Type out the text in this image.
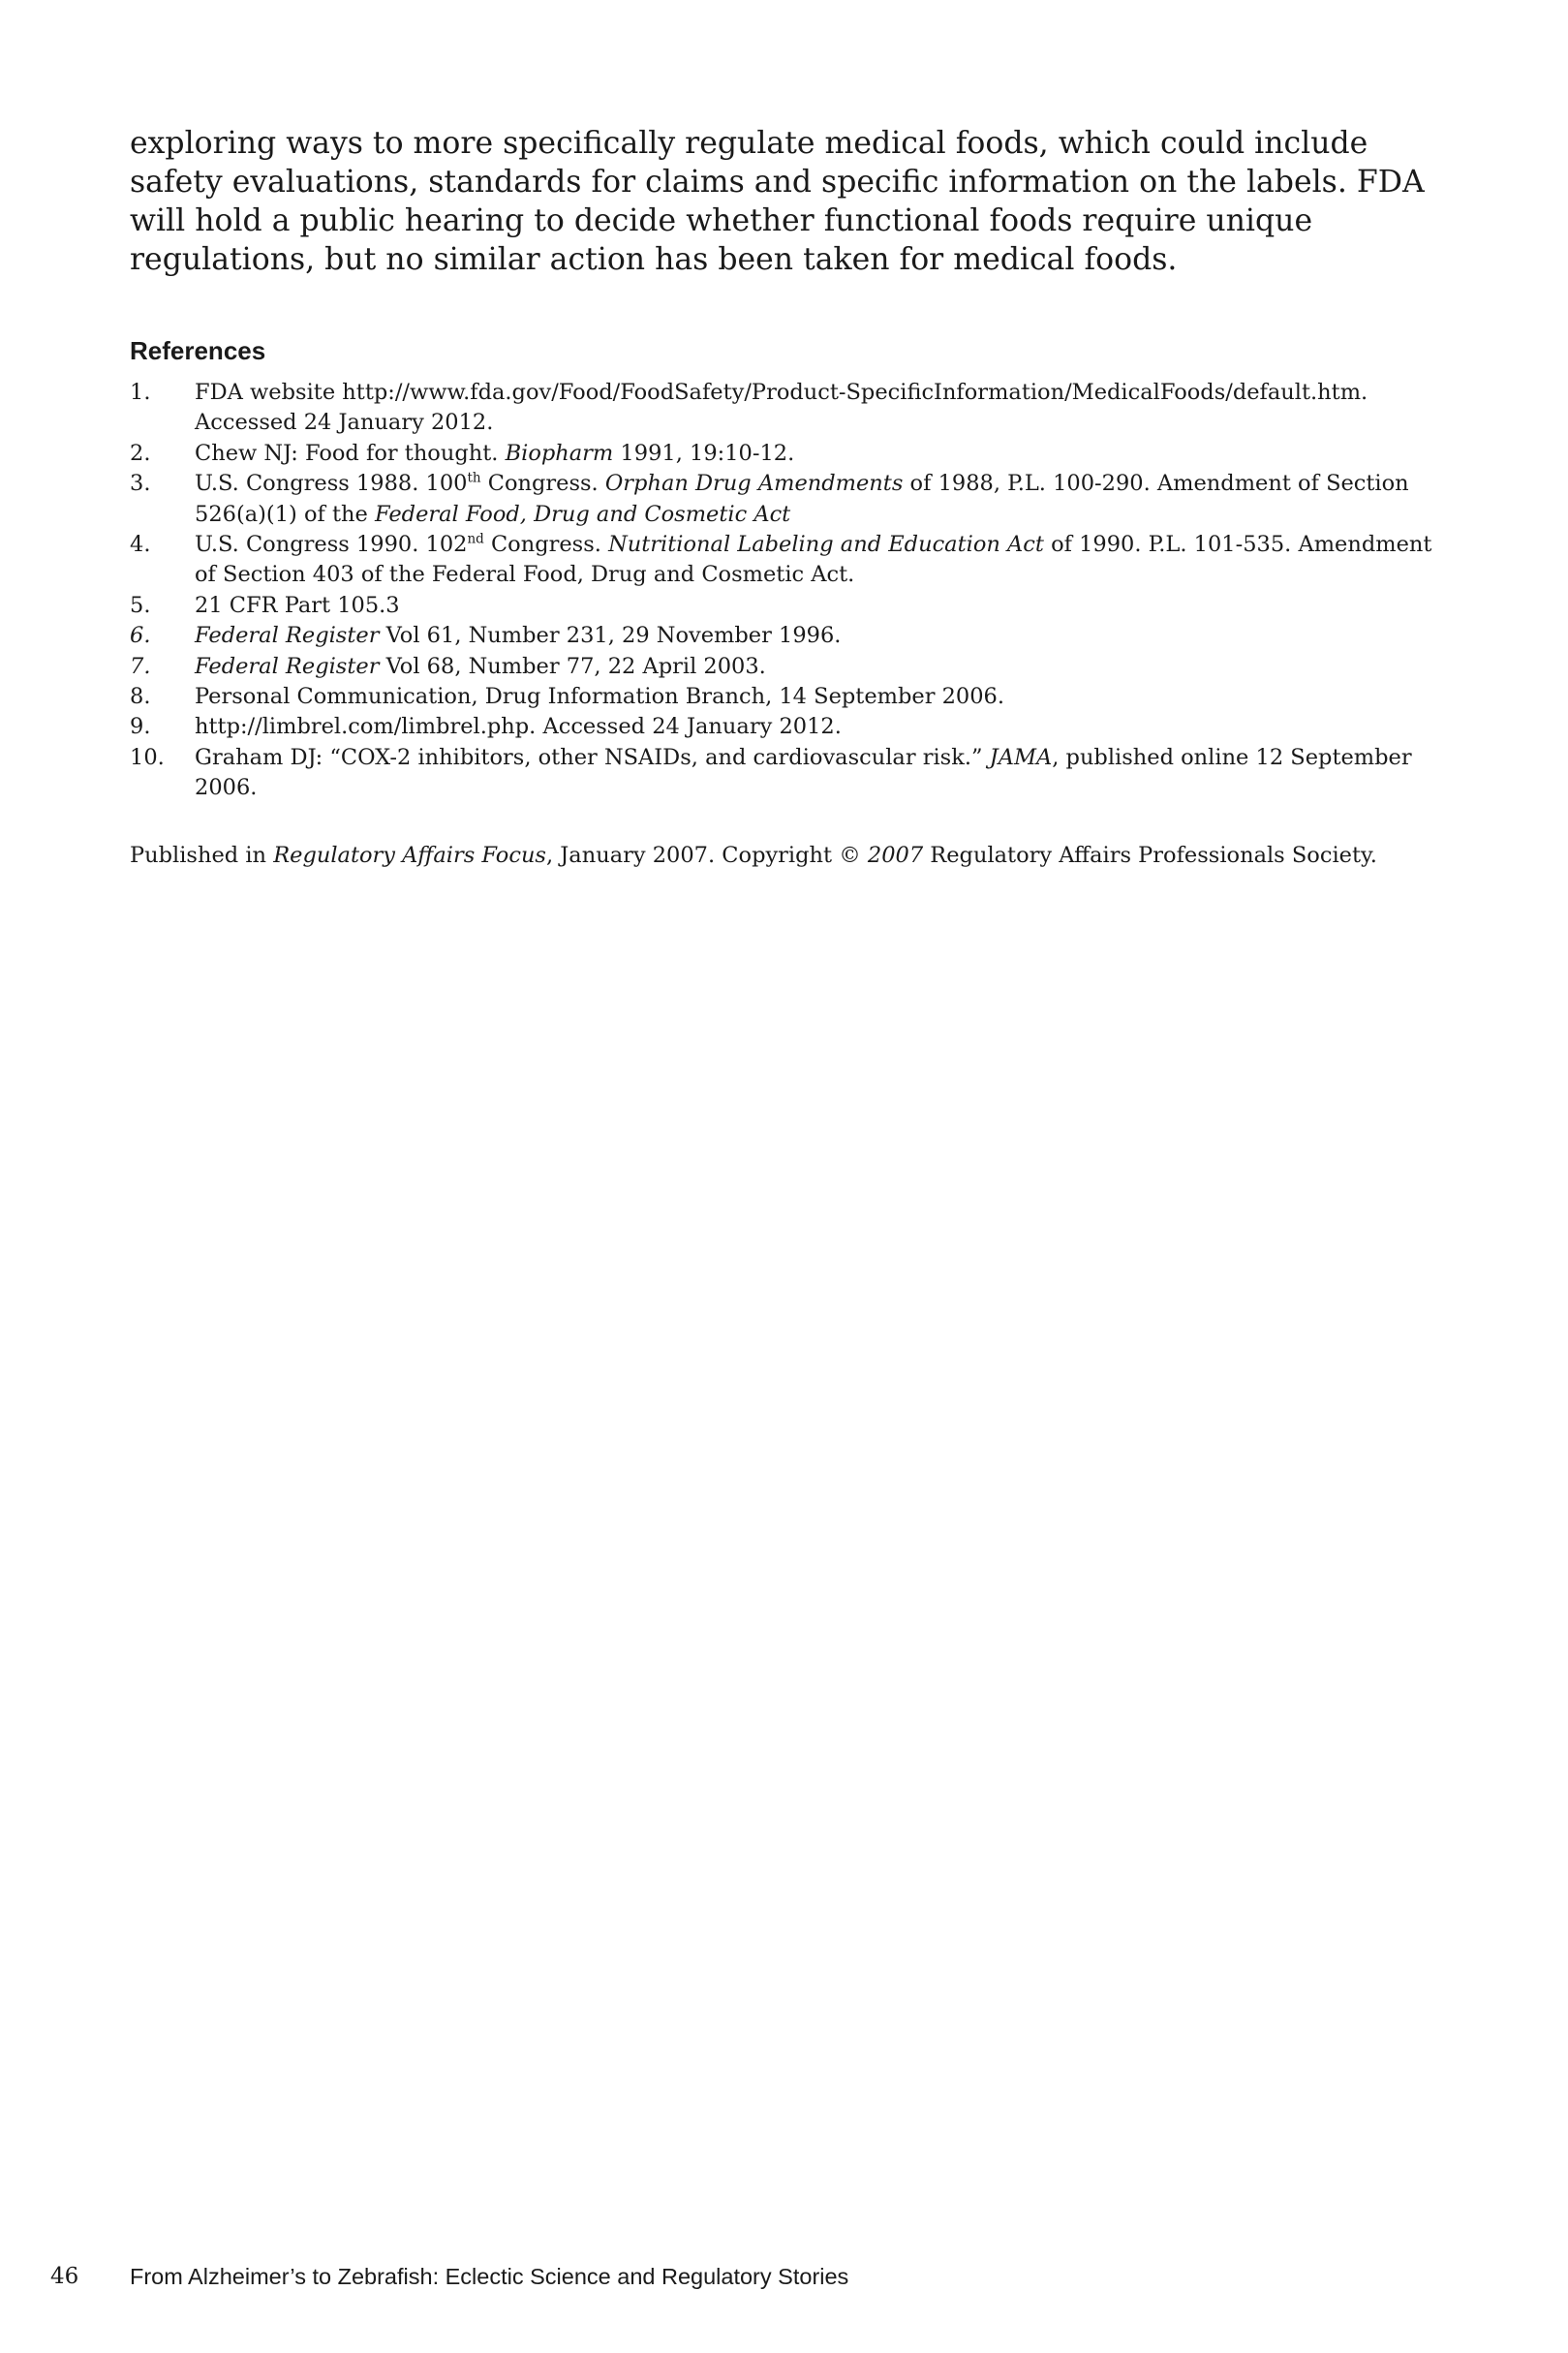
exploring ways to more specifically regulate medical foods, which could include safety evaluations, standards for claims and specific information on the labels. FDA will hold a public hearing to decide whether functional foods require unique regulations, but no similar action has been taken for medical foods.

References
1. FDA website http://www.fda.gov/Food/FoodSafety/Product-SpecificInformation/MedicalFoods/default.htm. Accessed 24 January 2012.
2. Chew NJ: Food for thought. Biopharm 1991, 19:10-12.
3. U.S. Congress 1988. 100th Congress. Orphan Drug Amendments of 1988, P.L. 100-290. Amendment of Section 526(a)(1) of the Federal Food, Drug and Cosmetic Act
4. U.S. Congress 1990. 102nd Congress. Nutritional Labeling and Education Act of 1990. P.L. 101-535. Amendment of Section 403 of the Federal Food, Drug and Cosmetic Act.
5. 21 CFR Part 105.3
6. Federal Register Vol 61, Number 231, 29 November 1996.
7. Federal Register Vol 68, Number 77, 22 April 2003.
8. Personal Communication, Drug Information Branch, 14 September 2006.
9. http://limbrel.com/limbrel.php. Accessed 24 January 2012.
10. Graham DJ: “COX-2 inhibitors, other NSAIDs, and cardiovascular risk.” JAMA, published online 12 September 2006.

Published in Regulatory Affairs Focus, January 2007. Copyright © 2007 Regulatory Affairs Professionals Society.

46 From Alzheimer’s to Zebrafish: Eclectic Science and Regulatory Stories
